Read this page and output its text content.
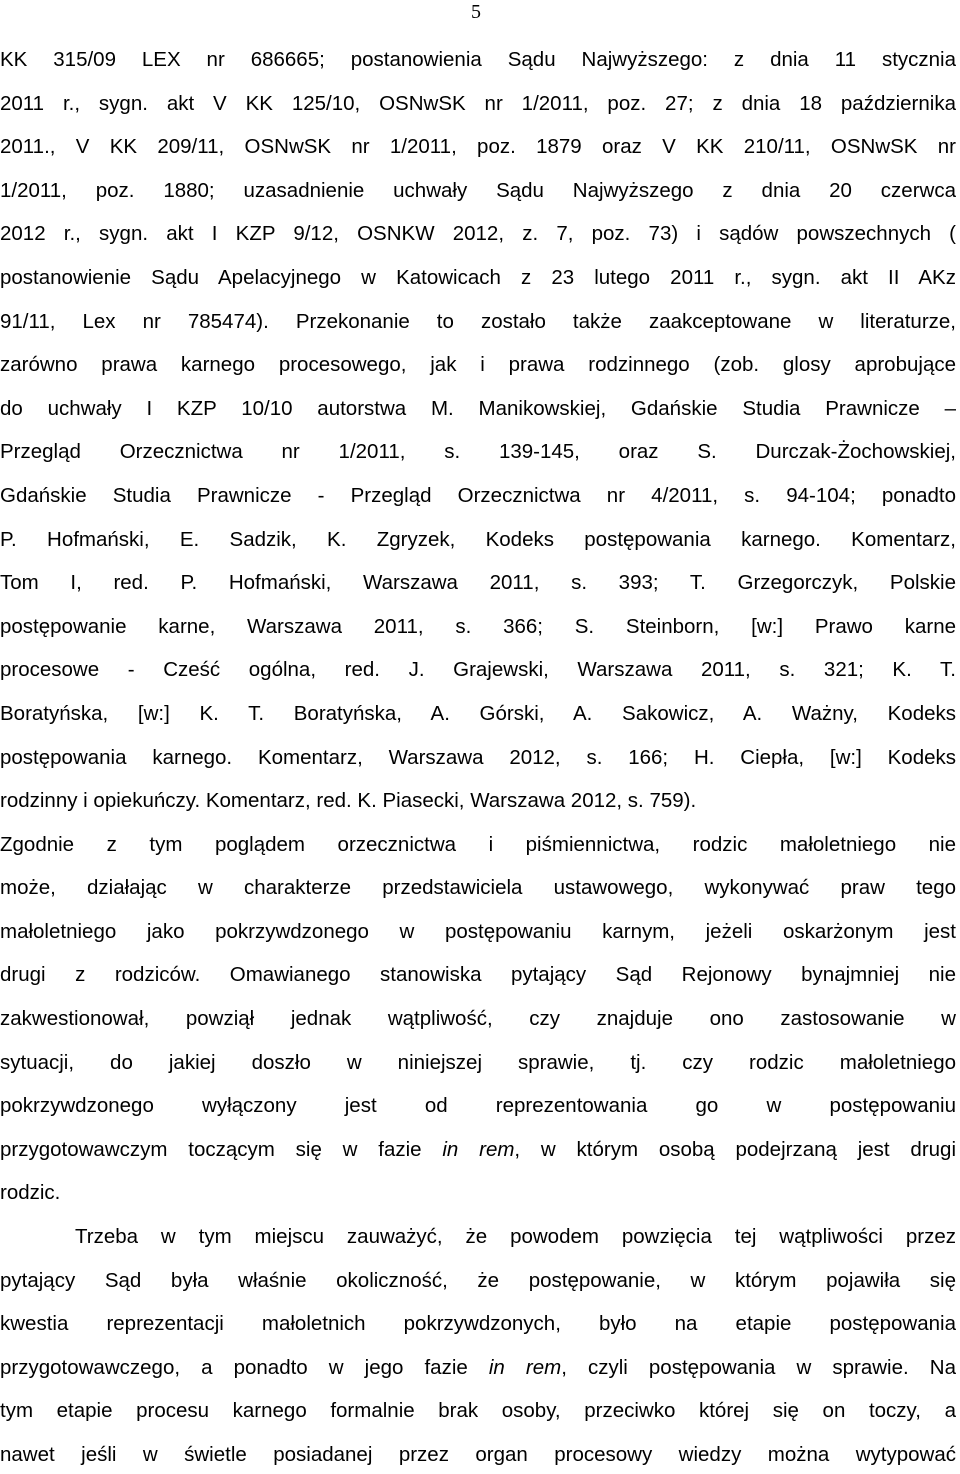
5
KK 315/09 LEX nr 686665; postanowienia Sądu Najwyższego: z dnia 11 stycznia
2011 r., sygn. akt V KK 125/10, OSNwSK nr 1/2011, poz. 27; z dnia 18 października
2011., V KK 209/11, OSNwSK nr 1/2011, poz. 1879 oraz V KK 210/11, OSNwSK nr
1/2011, poz. 1880; uzasadnienie uchwały Sądu Najwyższego z dnia 20 czerwca
2012 r., sygn. akt I KZP 9/12, OSNKW 2012, z. 7, poz. 73) i sądów powszechnych (
postanowienie Sądu Apelacyjnego w Katowicach z 23 lutego 2011 r., sygn. akt II AKz
91/11, Lex nr 785474). Przekonanie to zostało także zaakceptowane w literaturze,
zarówno prawa karnego procesowego, jak i prawa rodzinnego (zob. glosy aprobujące
do uchwały I KZP 10/10 autorstwa M. Manikowskiej, Gdańskie Studia Prawnicze –
Przegląd Orzecznictwa nr 1/2011, s. 139-145, oraz S. Durczak-Żochowskiej,
Gdańskie Studia Prawnicze - Przegląd Orzecznictwa nr 4/2011, s. 94-104; ponadto
P. Hofmański, E. Sadzik, K. Zgryzek, Kodeks postępowania karnego. Komentarz,
Tom I, red. P. Hofmański, Warszawa 2011, s. 393; T. Grzegorczyk, Polskie
postępowanie karne, Warszawa 2011, s. 366; S. Steinborn, [w:] Prawo karne
procesowe - Cześć ogólna, red. J. Grajewski, Warszawa 2011, s. 321; K. T.
Boratyńska, [w:] K. T. Boratyńska, A. Górski, A. Sakowicz, A. Ważny, Kodeks
postępowania karnego. Komentarz, Warszawa 2012, s. 166; H. Ciepła, [w:] Kodeks
rodzinny i opiekuńczy. Komentarz, red. K. Piasecki, Warszawa 2012, s. 759).
Zgodnie z tym poglądem orzecznictwa i piśmiennictwa, rodzic małoletniego nie
może, działając w charakterze przedstawiciela ustawowego, wykonywać praw tego
małoletniego jako pokrzywdzonego w postępowaniu karnym, jeżeli oskarżonym jest
drugi z rodziców. Omawianego stanowiska pytający Sąd Rejonowy bynajmniej nie
zakwestionował, powziął jednak wątpliwość, czy znajduje ono zastosowanie w
sytuacji, do jakiej doszło w niniejszej sprawie, tj. czy rodzic małoletniego
pokrzywdzonego wyłączony jest od reprezentowania go w postępowaniu
przygotowawczym toczącym się w fazie in rem, w którym osobą podejrzaną jest drugi
rodzic.
Trzeba w tym miejscu zauważyć, że powodem powzięcia tej wątpliwości przez
pytający Sąd była właśnie okoliczność, że postępowanie, w którym pojawiła się
kwestia reprezentacji małoletnich pokrzywdzonych, było na etapie postępowania
przygotowawczego, a ponadto w jego fazie in rem, czyli postępowania w sprawie. Na
tym etapie procesu karnego formalnie brak osoby, przeciwko której się on toczy, a
nawet jeśli w świetle posiadanej przez organ procesowy wiedzy można wytypować
